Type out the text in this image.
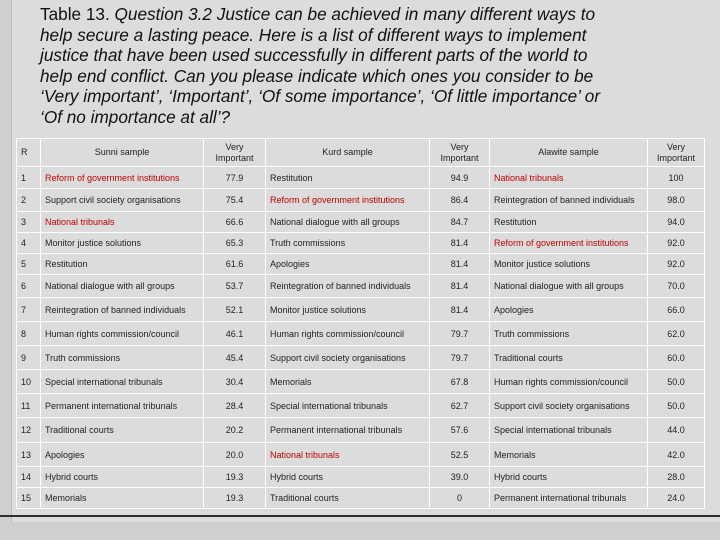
Table 13. Question 3.2 Justice can be achieved in many different ways to help secure a lasting peace. Here is a list of different ways to implement justice that have been used successfully in different parts of the world to help end conflict. Can you please indicate which ones you consider to be ‘Very important’, ‘Important’, ‘Of some importance’, ‘Of little importance’ or ‘Of no importance at all’?
R	Sunni sample	Very Important	Kurd sample	Very Important	Alawite sample	Very Important
1	Reform of government institutions	77.9	Restitution	94.9	National tribunals	100
2	Support civil society organisations	75.4	Reform of government institutions	86.4	Reintegration of banned individuals	98.0
3	National tribunals	66.6	National dialogue with all groups	84.7	Restitution	94.0
4	Monitor justice solutions	65.3	Truth commissions	81.4	Reform of government institutions	92.0
5	Restitution	61.6	Apologies	81.4	Monitor justice solutions	92.0
6	National dialogue with all groups	53.7	Reintegration of banned individuals	81.4	National dialogue with all groups	70.0
7	Reintegration of banned individuals	52.1	Monitor justice solutions	81.4	Apologies	66.0
8	Human rights commission/council	46.1	Human rights commission/council	79.7	Truth commissions	62.0
9	Truth commissions	45.4	Support civil society organisations	79.7	Traditional courts	60.0
10	Special international tribunals	30.4	Memorials	67.8	Human rights commission/council	50.0
11	Permanent international tribunals	28.4	Special international tribunals	62.7	Support civil society organisations	50.0
12	Traditional courts	20.2	Permanent international tribunals	57.6	Special international tribunals	44.0
13	Apologies	20.0	National tribunals	52.5	Memorials	42.0
14	Hybrid courts	19.3	Hybrid courts	39.0	Hybrid courts	28.0
15	Memorials	19.3	Traditional courts	0	Permanent international tribunals	24.0
